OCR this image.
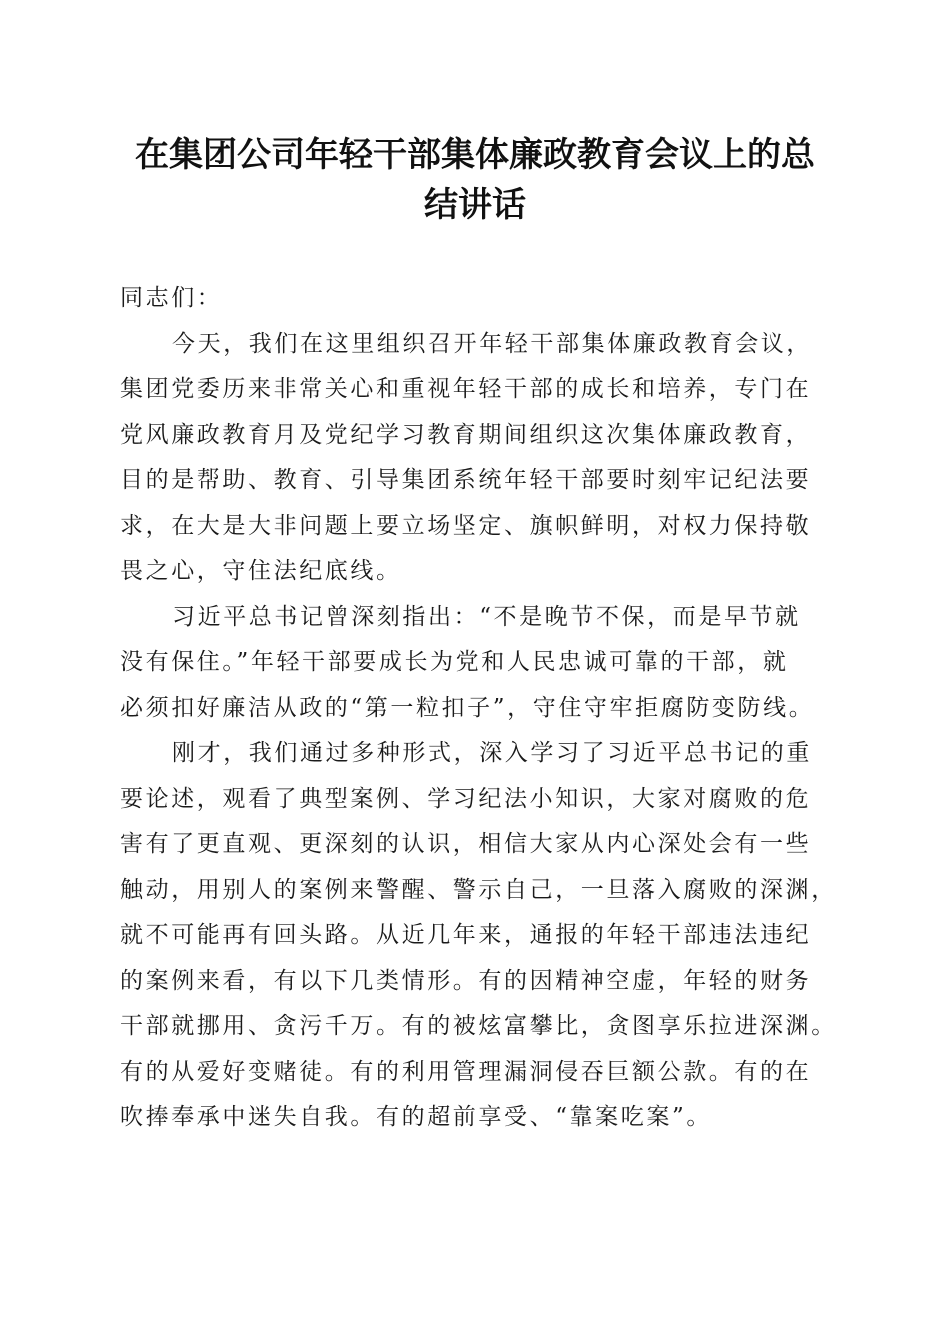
在集团公司年轻干部集体廉政教育会议上的总
结讲话
同志们：
今天，我们在这里组织召开年轻干部集体廉政教育会议，
集团党委历来非常关心和重视年轻干部的成长和培养，专门在
党风廉政教育月及党纪学习教育期间组织这次集体廉政教育，
目的是帮助、教育、引导集团系统年轻干部要时刻牢记纪法要
求，在大是大非问题上要立场坚定、旗帜鲜明，对权力保持敬
畏之心，守住法纪底线。
习近平总书记曾深刻指出：“不是晚节不保，而是早节就
没有保住。”年轻干部要成长为党和人民忠诚可靠的干部，就
必须扣好廉洁从政的“第一粒扣子”，守住守牢拒腐防变防线。
刚才，我们通过多种形式，深入学习了习近平总书记的重
要论述，观看了典型案例、学习纪法小知识，大家对腐败的危
害有了更直观、更深刻的认识，相信大家从内心深处会有一些
触动，用别人的案例来警醒、警示自己，一旦落入腐败的深渊，
就不可能再有回头路。从近几年来，通报的年轻干部违法违纪
的案例来看，有以下几类情形。有的因精神空虚，年轻的财务
干部就挪用、贪污千万。有的被炫富攀比，贪图享乐拉进深渊。
有的从爱好变赌徒。有的利用管理漏洞侵吞巨额公款。有的在
吹捧奉承中迷失自我。有的超前享受、“靠案吃案”。
